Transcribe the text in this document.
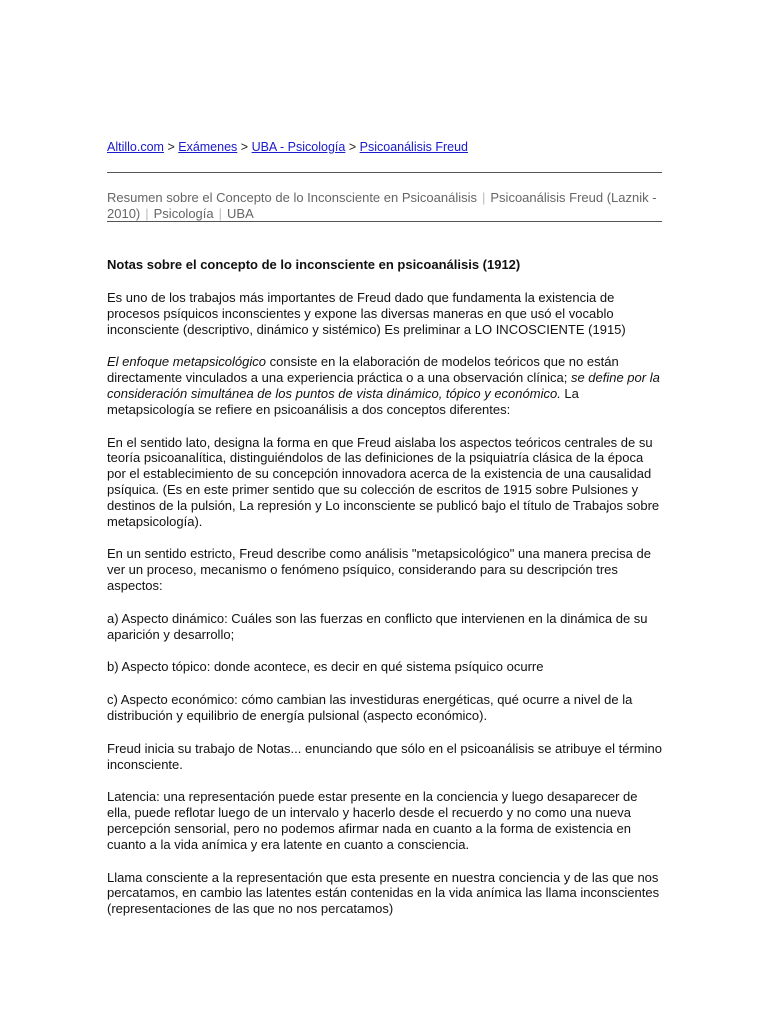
Altillo.com > Exámenes > UBA - Psicología > Psicoanálisis Freud
Resumen sobre el Concepto de lo Inconsciente en Psicoanálisis | Psicoanálisis Freud (Laznik - 2010) | Psicología | UBA
Notas sobre el concepto de lo inconsciente en psicoanálisis (1912)

Es uno de los trabajos más importantes de Freud dado que fundamenta la existencia de procesos psíquicos inconscientes y expone las diversas maneras en que usó el vocablo inconsciente (descriptivo, dinámico y sistémico) Es preliminar a LO INCOSCIENTE (1915)

El enfoque metapsicológico consiste en la elaboración de modelos teóricos que no están directamente vinculados a una experiencia práctica o a una observación clínica; se define por la consideración simultánea de los puntos de vista dinámico, tópico y económico. La metapsicología se refiere en psicoanálisis a dos conceptos diferentes:

En el sentido lato, designa la forma en que Freud aislaba los aspectos teóricos centrales de su teoría psicoanalítica, distinguiéndolos de las definiciones de la psiquiatría clásica de la época por el establecimiento de su concepción innovadora acerca de la existencia de una causalidad psíquica. (Es en este primer sentido que su colección de escritos de 1915 sobre Pulsiones y destinos de la pulsión, La represión y Lo inconsciente se publicó bajo el título de Trabajos sobre metapsicología).

En un sentido estricto, Freud describe como análisis "metapsicológico" una manera precisa de ver un proceso, mecanismo o fenómeno psíquico, considerando para su descripción tres aspectos:

a) Aspecto dinámico: Cuáles son las fuerzas en conflicto que intervienen en la dinámica de su aparición y desarrollo;

b) Aspecto tópico: donde acontece, es decir en qué sistema psíquico ocurre

c) Aspecto económico: cómo cambian las investiduras energéticas, qué ocurre a nivel de la distribución y equilibrio de energía pulsional (aspecto económico).

Freud inicia su trabajo de Notas... enunciando que sólo en el psicoanálisis se atribuye el término inconsciente.

Latencia: una representación puede estar presente en la conciencia y luego desaparecer de ella, puede reflotar luego de un intervalo y hacerlo desde el recuerdo y no como una nueva percepción sensorial, pero no podemos afirmar nada en cuanto a la forma de existencia en cuanto a la vida anímica y era latente en cuanto a consciencia.

Llama consciente a la representación que esta presente en nuestra conciencia y de las que nos percatamos, en cambio las latentes están contenidas en la vida anímica las llama inconscientes (representaciones de las que no nos percatamos)
